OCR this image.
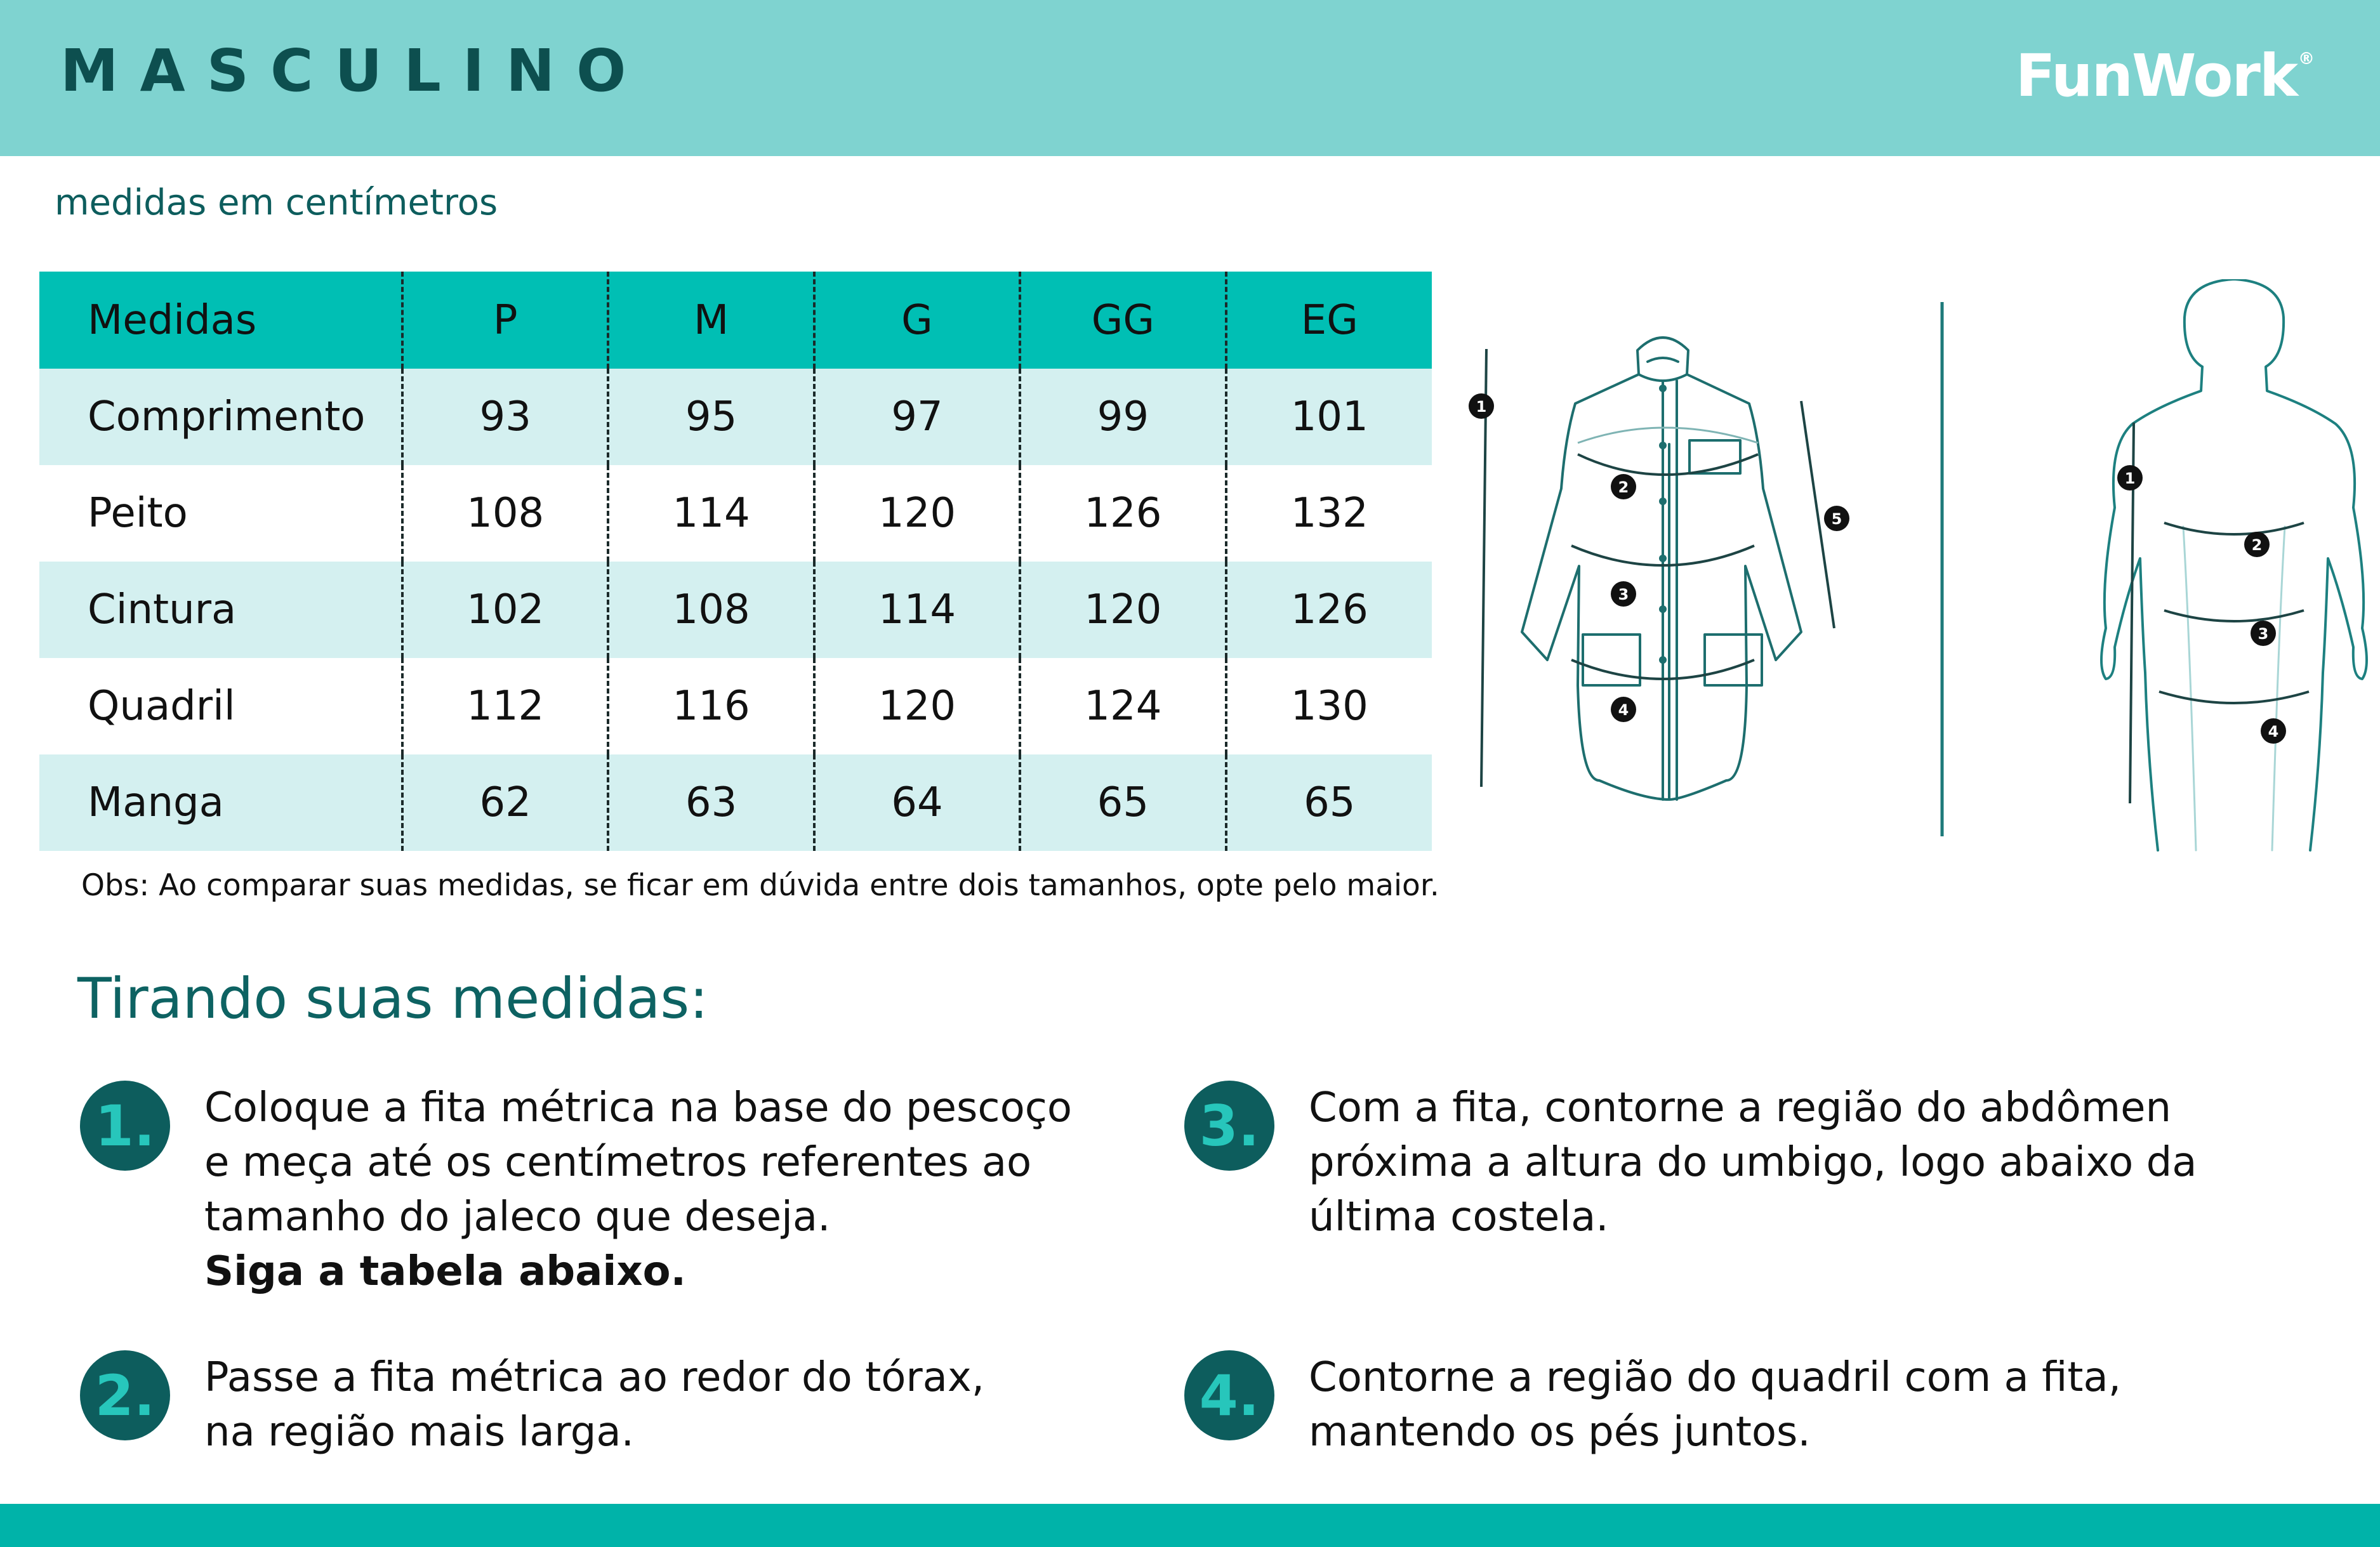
MASCULINO	FunWork®
medidas em centímetros
Medidas	P	M	G	GG	EG
Comprimento	93	95	97	99	101
Peito	108	114	120	126	132
Cintura	102	108	114	120	126
Quadril	112	116	120	124	130
Manga	62	63	64	65	65
1
2
3
4
5
1
2
3
4
Obs: Ao comparar suas medidas, se ficar em dúvida entre dois tamanhos, opte pelo maior.
Tirando suas medidas:
1.	Coloque a fita métrica na base do pescoço

e meça até os centímetros referentes ao

tamanho do jaleco que deseja.

Siga a tabela abaixo.

2.	Passe a fita métrica ao redor do tórax,

na região mais larga.

3.	Com a fita, contorne a região do abdômen

próxima a altura do umbigo, logo abaixo da

última costela.

4.	Contorne a região do quadril com a fita,

mantendo os pés juntos.
